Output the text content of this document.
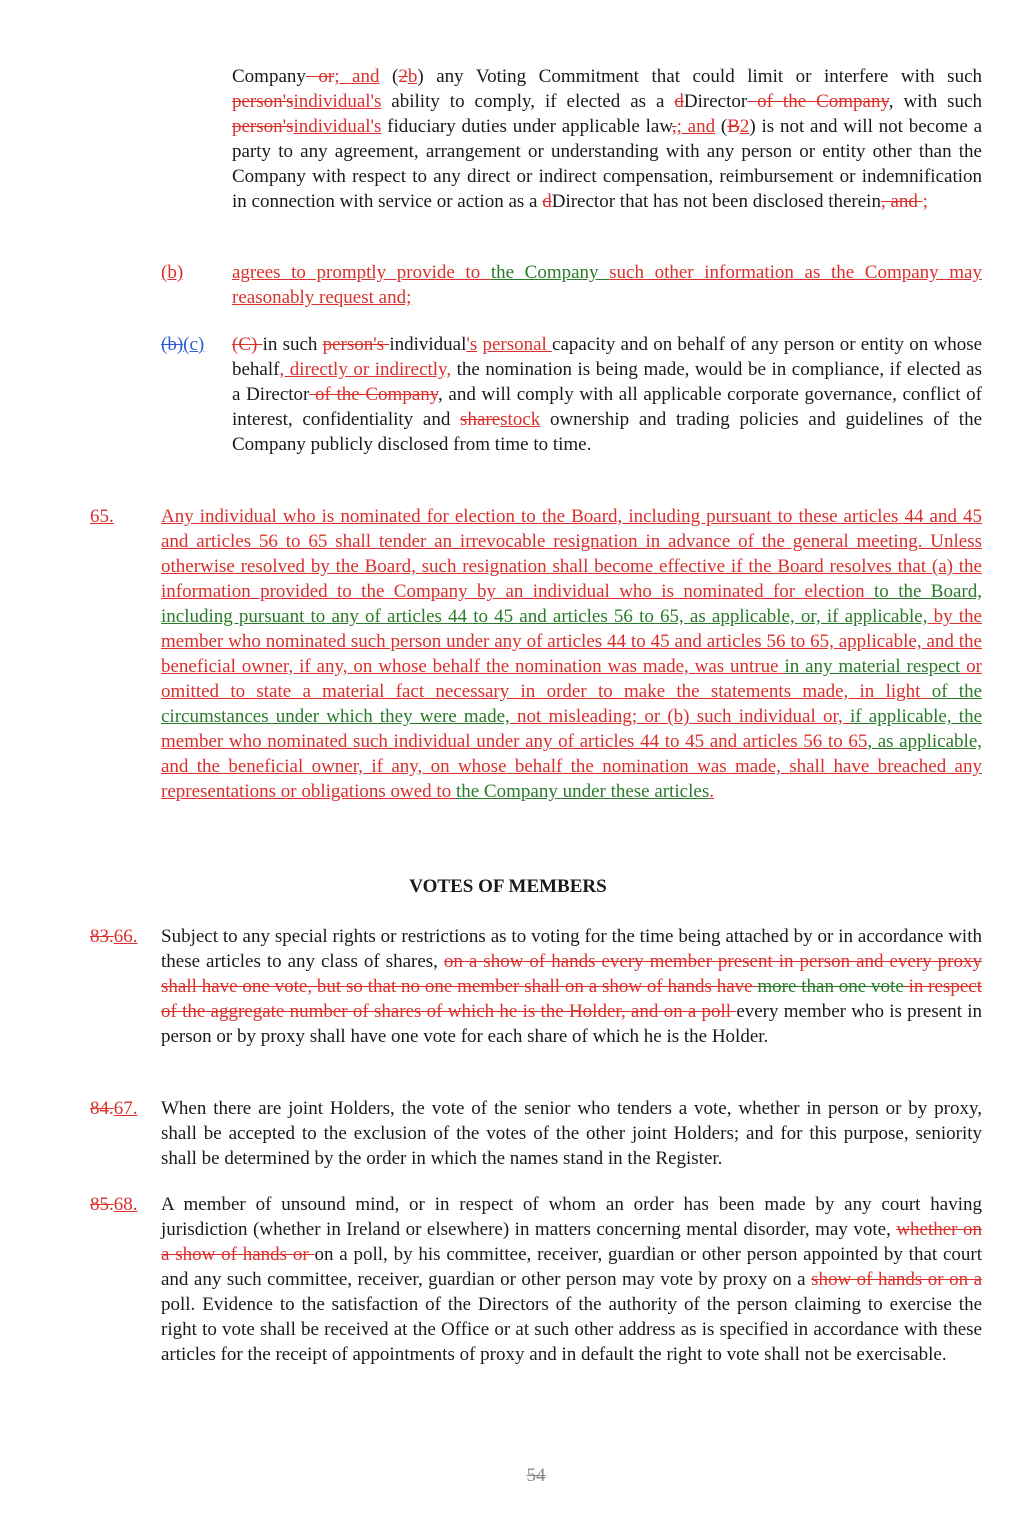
Company or; and (2b) any Voting Commitment that could limit or interfere with such person'sindividual's ability to comply, if elected as a dDirector of the Company, with such person'sindividual's fiduciary duties under applicable law,; and (B2) is not and will not become a party to any agreement, arrangement or understanding with any person or entity other than the Company with respect to any direct or indirect compensation, reimbursement or indemnification in connection with service or action as a dDirector that has not been disclosed therein, and ;
(b)	agrees to promptly provide to the Company such other information as the Company may reasonably request and;
(b)(c) (C) in such person's individual's personal capacity and on behalf of any person or entity on whose behalf, directly or indirectly, the nomination is being made, would be in compliance, if elected as a Director of the Company, and will comply with all applicable corporate governance, conflict of interest, confidentiality and sharestock ownership and trading policies and guidelines of the Company publicly disclosed from time to time.
65. Any individual who is nominated for election to the Board, including pursuant to these articles 44 and 45 and articles 56 to 65 shall tender an irrevocable resignation in advance of the general meeting. Unless otherwise resolved by the Board, such resignation shall become effective if the Board resolves that (a) the information provided to the Company by an individual who is nominated for election to the Board, including pursuant to any of articles 44 to 45 and articles 56 to 65, as applicable, or, if applicable, by the member who nominated such person under any of articles 44 to 45 and articles 56 to 65, applicable, and the beneficial owner, if any, on whose behalf the nomination was made, was untrue in any material respect or omitted to state a material fact necessary in order to make the statements made, in light of the circumstances under which they were made, not misleading; or (b) such individual or, if applicable, the member who nominated such individual under any of articles 44 to 45 and articles 56 to 65, as applicable, and the beneficial owner, if any, on whose behalf the nomination was made, shall have breached any representations or obligations owed to the Company under these articles.
VOTES OF MEMBERS
83.66. Subject to any special rights or restrictions as to voting for the time being attached by or in accordance with these articles to any class of shares, on a show of hands every member present in person and every proxy shall have one vote, but so that no one member shall on a show of hands have more than one vote in respect of the aggregate number of shares of which he is the Holder, and on a poll every member who is present in person or by proxy shall have one vote for each share of which he is the Holder.
84.67. When there are joint Holders, the vote of the senior who tenders a vote, whether in person or by proxy, shall be accepted to the exclusion of the votes of the other joint Holders; and for this purpose, seniority shall be determined by the order in which the names stand in the Register.
85.68. A member of unsound mind, or in respect of whom an order has been made by any court having jurisdiction (whether in Ireland or elsewhere) in matters concerning mental disorder, may vote, whether on a show of hands or on a poll, by his committee, receiver, guardian or other person appointed by that court and any such committee, receiver, guardian or other person may vote by proxy on a show of hands or on a poll. Evidence to the satisfaction of the Directors of the authority of the person claiming to exercise the right to vote shall be received at the Office or at such other address as is specified in accordance with these articles for the receipt of appointments of proxy and in default the right to vote shall not be exercisable.
54
